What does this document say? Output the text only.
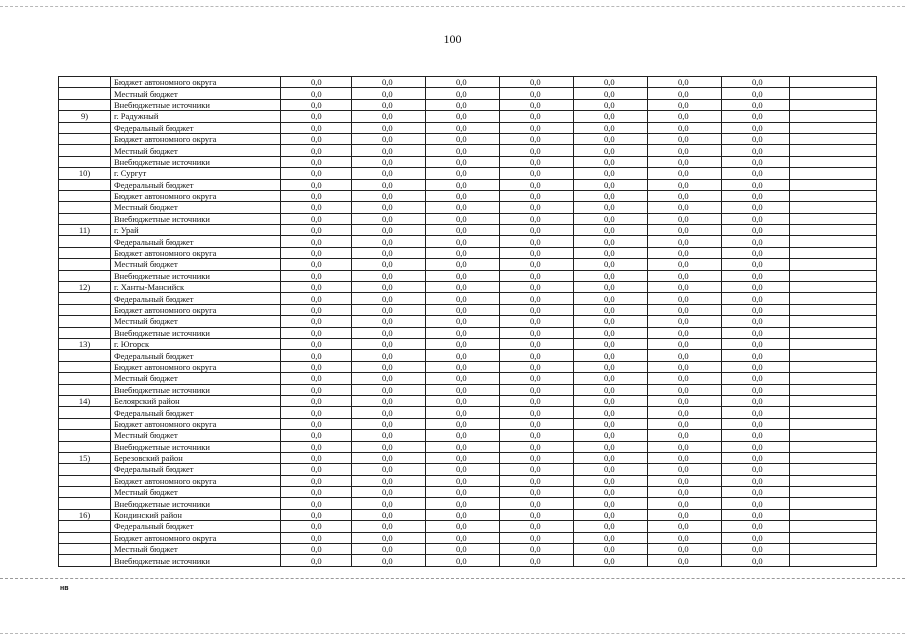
100
	Бюджет автономного округа	0,0	0,0	0,0	0,0	0,0	0,0	0,0	
	Местный бюджет	0,0	0,0	0,0	0,0	0,0	0,0	0,0	
	Внебюджетные источники	0,0	0,0	0,0	0,0	0,0	0,0	0,0	
9)	г. Радужный	0,0	0,0	0,0	0,0	0,0	0,0	0,0	
	Федеральный бюджет	0,0	0,0	0,0	0,0	0,0	0,0	0,0	
	Бюджет автономного округа	0,0	0,0	0,0	0,0	0,0	0,0	0,0	
	Местный бюджет	0,0	0,0	0,0	0,0	0,0	0,0	0,0	
	Внебюджетные источники	0,0	0,0	0,0	0,0	0,0	0,0	0,0	
10)	г. Сургут	0,0	0,0	0,0	0,0	0,0	0,0	0,0	
	Федеральный бюджет	0,0	0,0	0,0	0,0	0,0	0,0	0,0	
	Бюджет автономного округа	0,0	0,0	0,0	0,0	0,0	0,0	0,0	
	Местный бюджет	0,0	0,0	0,0	0,0	0,0	0,0	0,0	
	Внебюджетные источники	0,0	0,0	0,0	0,0	0,0	0,0	0,0	
11)	г. Урай	0,0	0,0	0,0	0,0	0,0	0,0	0,0	
	Федеральный бюджет	0,0	0,0	0,0	0,0	0,0	0,0	0,0	
	Бюджет автономного округа	0,0	0,0	0,0	0,0	0,0	0,0	0,0	
	Местный бюджет	0,0	0,0	0,0	0,0	0,0	0,0	0,0	
	Внебюджетные источники	0,0	0,0	0,0	0,0	0,0	0,0	0,0	
12)	г. Ханты-Мансийск	0,0	0,0	0,0	0,0	0,0	0,0	0,0	
	Федеральный бюджет	0,0	0,0	0,0	0,0	0,0	0,0	0,0	
	Бюджет автономного округа	0,0	0,0	0,0	0,0	0,0	0,0	0,0	
	Местный бюджет	0,0	0,0	0,0	0,0	0,0	0,0	0,0	
	Внебюджетные источники	0,0	0,0	0,0	0,0	0,0	0,0	0,0	
13)	г. Югорск	0,0	0,0	0,0	0,0	0,0	0,0	0,0	
	Федеральный бюджет	0,0	0,0	0,0	0,0	0,0	0,0	0,0	
	Бюджет автономного округа	0,0	0,0	0,0	0,0	0,0	0,0	0,0	
	Местный бюджет	0,0	0,0	0,0	0,0	0,0	0,0	0,0	
	Внебюджетные источники	0,0	0,0	0,0	0,0	0,0	0,0	0,0	
14)	Белоярский район	0,0	0,0	0,0	0,0	0,0	0,0	0,0	
	Федеральный бюджет	0,0	0,0	0,0	0,0	0,0	0,0	0,0	
	Бюджет автономного округа	0,0	0,0	0,0	0,0	0,0	0,0	0,0	
	Местный бюджет	0,0	0,0	0,0	0,0	0,0	0,0	0,0	
	Внебюджетные источники	0,0	0,0	0,0	0,0	0,0	0,0	0,0	
15)	Березовский район	0,0	0,0	0,0	0,0	0,0	0,0	0,0	
	Федеральный бюджет	0,0	0,0	0,0	0,0	0,0	0,0	0,0	
	Бюджет автономного округа	0,0	0,0	0,0	0,0	0,0	0,0	0,0	
	Местный бюджет	0,0	0,0	0,0	0,0	0,0	0,0	0,0	
	Внебюджетные источники	0,0	0,0	0,0	0,0	0,0	0,0	0,0	
16)	Кондинский район	0,0	0,0	0,0	0,0	0,0	0,0	0,0	
	Федеральный бюджет	0,0	0,0	0,0	0,0	0,0	0,0	0,0	
	Бюджет автономного округа	0,0	0,0	0,0	0,0	0,0	0,0	0,0	
	Местный бюджет	0,0	0,0	0,0	0,0	0,0	0,0	0,0	
	Внебюджетные источники	0,0	0,0	0,0	0,0	0,0	0,0	0,0	
нв
